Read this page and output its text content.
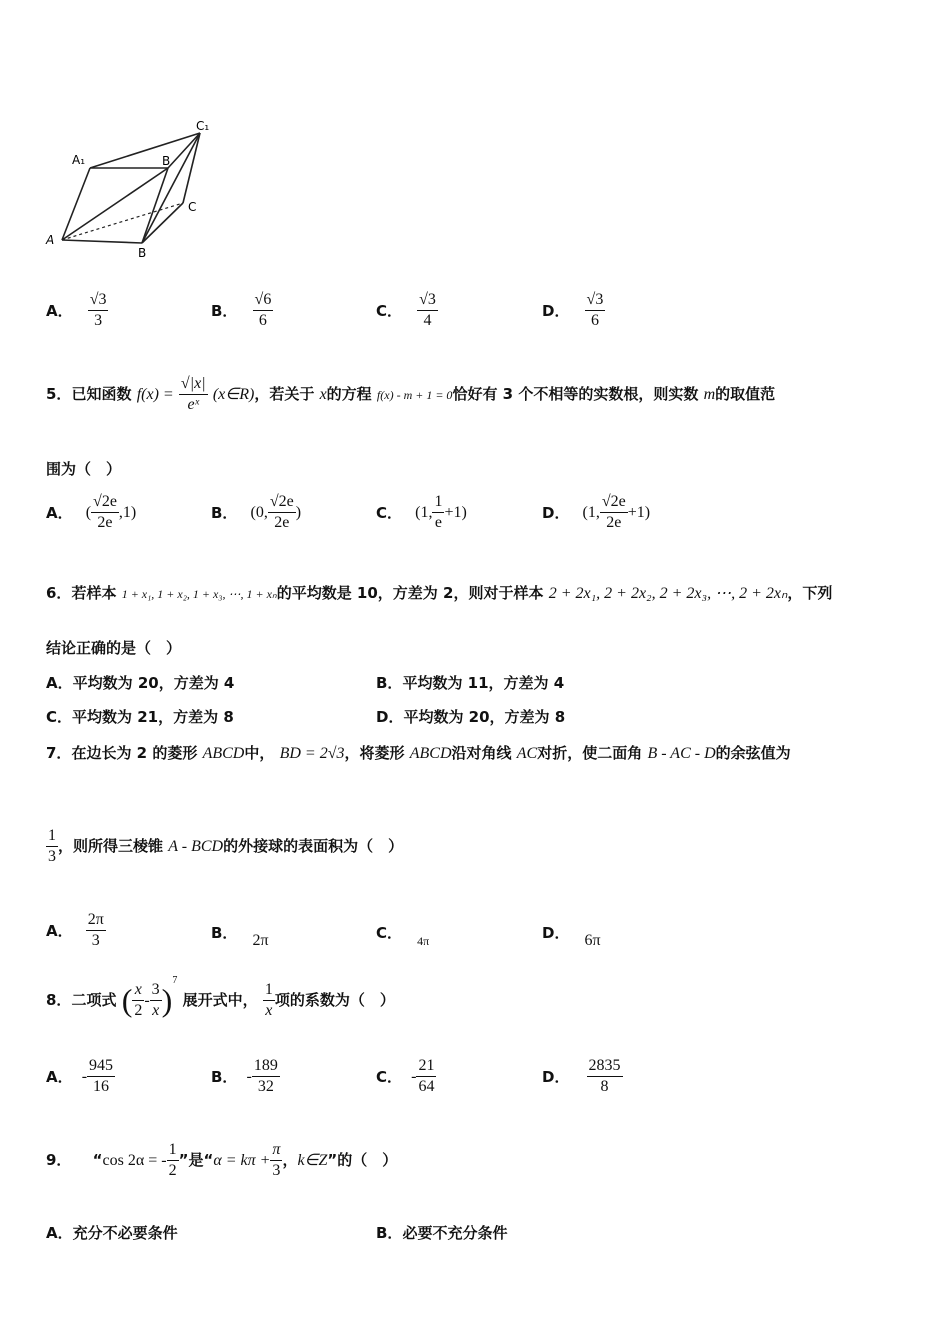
A₁	B
C₁
C
A
B
A． $\frac{√3}{3}$	B． $\frac{√6}{6}$	C． $\frac{√3}{4}$	D． $\frac{√3}{6}$
5．已知函数 $f(x) = \frac{√|x|}{\text{eˣ}}$ (x∈R)，若关于 x的方程 f(x) - m + 1 = 0恰好有 3 个不相等的实数根，则实数 m的取值范
围为（　）
A． ( $\frac{√2e}{2e} ,1$)	B． (0, $\frac{√2e}{2e}$ )	C． (1, $\frac{1}{e} +1$)	D． (1, $\frac{√2e}{2e} +1$)
6．若样本 1 + x₁, 1 + x₂, 1 + x₃, ⋯, 1 + xₙ的平均数是 10，方差为 2，则对于样本 2 + 2x₁, 2 + 2x₂, 2 + 2x₃, ⋯, 2 + 2xₙ，下列
结论正确的是（　）
A．平均数为 20，方差为 4	B．平均数为 11，方差为 4
C．平均数为 21，方差为 8	D．平均数为 20，方差为 8
7．在边长为 2 的菱形 ABCD中， BD = 2√3，将菱形 ABCD沿对角线 AC对折，使二面角 B - AC - D的余弦值为
$\frac{1}{3}$ ，则所得三棱锥 A - BCD的外接球的表面积为（　）
A． $\frac{2\pi}{3}$	B． 2π	C． $_{4\pi}$	D． 6π
8．二项式 ( $\frac{x}{2} - \frac{3}{x} )^7$ 展开式中， $\frac{1}{x}$ 项的系数为（　）
A． - $\frac{945}{16}$	B． - $\frac{189}{32}$	C． - $\frac{21}{64}$	D． $\frac{2835}{8}$
9． “cos 2α = - $\frac{1}{2}$ ”是“$\alpha = k\pi + \frac{\pi}{3}$ ，k∈Z”的（　）
A．充分不必要条件	B．必要不充分条件
